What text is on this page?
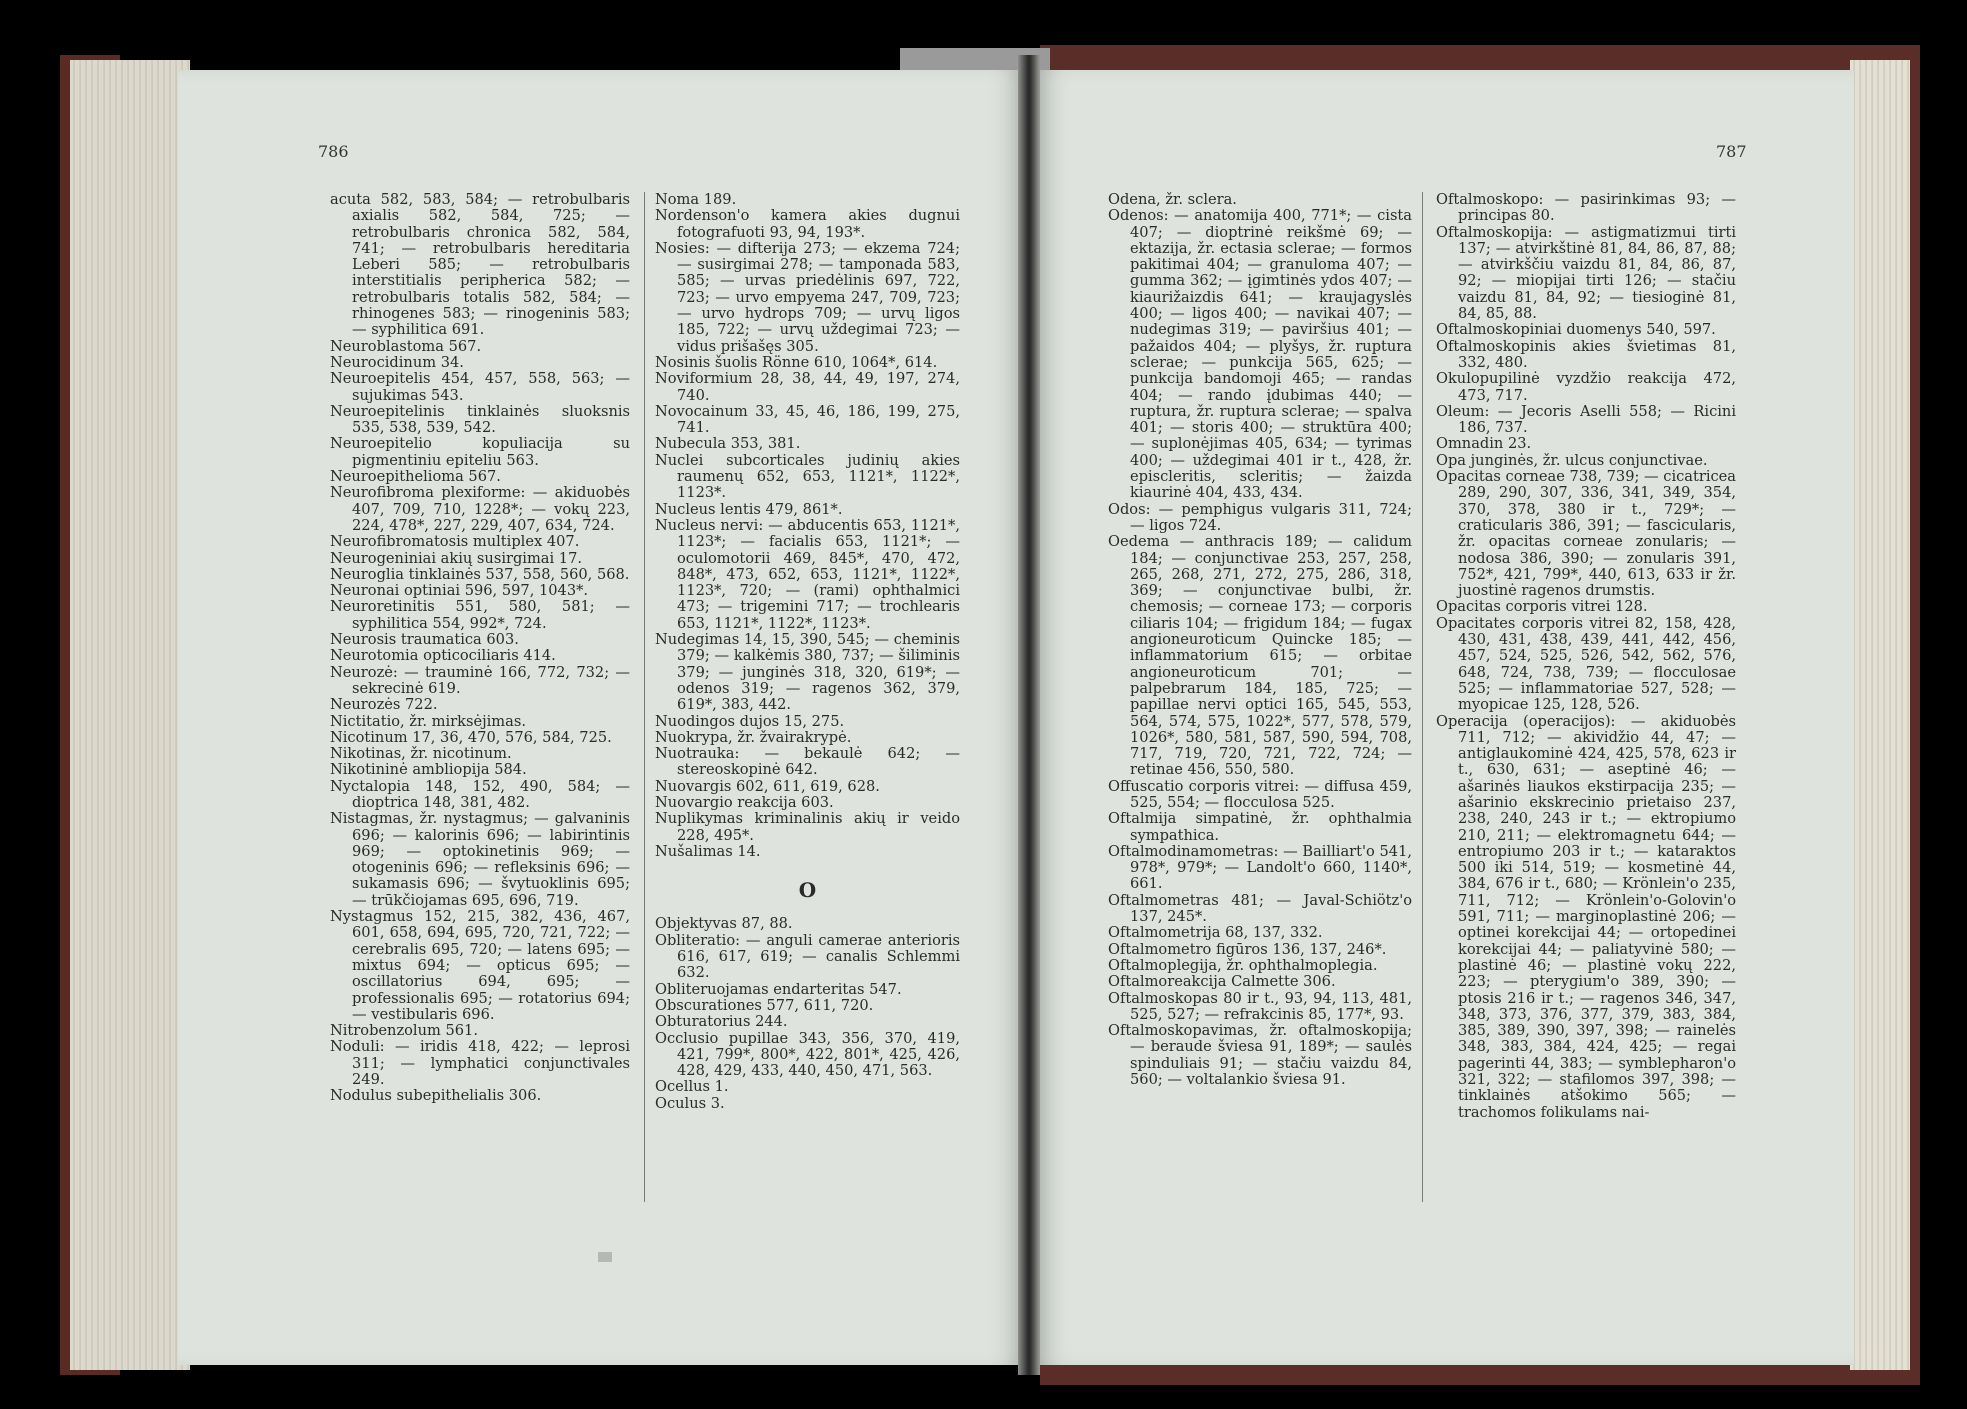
786	787

acuta 582, 583, 584; — retrobulbaris axialis 582, 584, 725; — retrobulbaris chronica 582, 584, 741; — retrobulbaris hereditaria Leberi 585; — retrobulbaris interstitialis peripherica 582; — retrobulbaris totalis 582, 584; — rhinogenes 583; — rinogeninis 583; — syphilitica 691.

Neuroblastoma 567.

Neurocidinum 34.

Neuroepitelis 454, 457, 558, 563; — sujukimas 543.

Neuroepitelinis tinklainės sluoksnis 535, 538, 539, 542.

Neuroepitelio kopuliacija su pigmentiniu epiteliu 563.

Neuroepithelioma 567.

Neurofibroma plexiforme: — akiduobės 407, 709, 710, 1228*; — vokų 223, 224, 478*, 227, 229, 407, 634, 724.

Neurofibromatosis multiplex 407.

Neurogeniniai akių susirgimai 17.

Neuroglia tinklainės 537, 558, 560, 568.

Neuronai optiniai 596, 597, 1043*.

Neuroretinitis 551, 580, 581; — syphilitica 554, 992*, 724.

Neurosis traumatica 603.

Neurotomia opticociliaris 414.

Neurozė: — trauminė 166, 772, 732; — sekrecinė 619.

Neurozės 722.

Nictitatio, žr. mirksėjimas.

Nicotinum 17, 36, 470, 576, 584, 725.

Nikotinas, žr. nicotinum.

Nikotininė ambliopija 584.

Nyctalopia 148, 152, 490, 584; — dioptrica 148, 381, 482.

Nistagmas, žr. nystagmus; — galvaninis 696; — kalorinis 696; — labirintinis 969; — optokinetinis 969; — otogeninis 696; — refleksinis 696; — sukamasis 696; — švytuoklinis 695; — trūkčiojamas 695, 696, 719.

Nystagmus 152, 215, 382, 436, 467, 601, 658, 694, 695, 720, 721, 722; — cerebralis 695, 720; — latens 695; — mixtus 694; — opticus 695; — oscillatorius 694, 695; — professionalis 695; — rotatorius 694; — vestibularis 696.

Nitrobenzolum 561.

Noduli: — iridis 418, 422; — leprosi 311; — lymphatici conjunctivales 249.

Nodulus subepithelialis 306.

Noma 189.

Nordenson'o kamera akies dugnui fotografuoti 93, 94, 193*.

Nosies: — difterija 273; — ekzema 724; — susirgimai 278; — tamponada 583, 585; — urvas priedėlinis 697, 722, 723; — urvo empyema 247, 709, 723; — urvo hydrops 709; — urvų ligos 185, 722; — urvų uždegimai 723; — vidus prišašęs 305.

Nosinis šuolis Rönne 610, 1064*, 614.

Noviformium 28, 38, 44, 49, 197, 274, 740.

Novocainum 33, 45, 46, 186, 199, 275, 741.

Nubecula 353, 381.

Nuclei subcorticales judinių akies raumenų 652, 653, 1121*, 1122*, 1123*.

Nucleus lentis 479, 861*.

Nucleus nervi: — abducentis 653, 1121*, 1123*; — facialis 653, 1121*; — oculomotorii 469, 845*, 470, 472, 848*, 473, 652, 653, 1121*, 1122*, 1123*, 720; — (rami) ophthalmici 473; — trigemini 717; — trochlearis 653, 1121*, 1122*, 1123*.

Nudegimas 14, 15, 390, 545; — cheminis 379; — kalkėmis 380, 737; — šiliminis 379; — junginės 318, 320, 619*; — odenos 319; — ragenos 362, 379, 619*, 383, 442.

Nuodingos dujos 15, 275.

Nuokrypa, žr. žvairakrypė.

Nuotrauka: — bekaulė 642; — stereoskopinė 642.

Nuovargis 602, 611, 619, 628.

Nuovargio reakcija 603.

Nuplikymas kriminalinis akių ir veido 228, 495*.

Nušalimas 14.

O

Objektyvas 87, 88.

Obliteratio: — anguli camerae anterioris 616, 617, 619; — canalis Schlemmi 632.

Obliteruojamas endarteritas 547.

Obscurationes 577, 611, 720.

Obturatorius 244.

Occlusio pupillae 343, 356, 370, 419, 421, 799*, 800*, 422, 801*, 425, 426, 428, 429, 433, 440, 450, 471, 563.

Ocellus 1.

Oculus 3.

Odena, žr. sclera.

Odenos: — anatomija 400, 771*; — cista 407; — dioptrinė reikšmė 69; — ektazija, žr. ectasia sclerae; — formos pakitimai 404; — granuloma 407; — gumma 362; — įgimtinės ydos 407; — kiaurižaizdis 641; — kraujagyslės 400; — ligos 400; — navikai 407; — nudegimas 319; — paviršius 401; — pažaidos 404; — plyšys, žr. ruptura sclerae; — punkcija 565, 625; — punkcija bandomoji 465; — randas 404; — rando įdubimas 440; — ruptura, žr. ruptura sclerae; — spalva 401; — storis 400; — struktūra 400; — suplonėjimas 405, 634; — tyrimas 400; — uždegimai 401 ir t., 428, žr. episcleritis, scleritis; — žaizda kiaurinė 404, 433, 434.

Odos: — pemphigus vulgaris 311, 724; — ligos 724.

Oedema — anthracis 189; — calidum 184; — conjunctivae 253, 257, 258, 265, 268, 271, 272, 275, 286, 318, 369; — conjunctivae bulbi, žr. chemosis; — corneae 173; — corporis ciliaris 104; — frigidum 184; — fugax angioneuroticum Quincke 185; — inflammatorium 615; — orbitae angioneuroticum 701; — palpebrarum 184, 185, 725; — papillae nervi optici 165, 545, 553, 564, 574, 575, 1022*, 577, 578, 579, 1026*, 580, 581, 587, 590, 594, 708, 717, 719, 720, 721, 722, 724; — retinae 456, 550, 580.

Offuscatio corporis vitrei: — diffusa 459, 525, 554; — flocculosa 525.

Oftalmija simpatinė, žr. ophthalmia sympathica.

Oftalmodinamometras: — Bailliart'o 541, 978*, 979*; — Landolt'o 660, 1140*, 661.

Oftalmometras 481; — Javal-Schiötz'o 137, 245*.

Oftalmometrija 68, 137, 332.

Oftalmometro figūros 136, 137, 246*.

Oftalmoplegija, žr. ophthalmoplegia.

Oftalmoreakcija Calmette 306.

Oftalmoskopas 80 ir t., 93, 94, 113, 481, 525, 527; — refrakcinis 85, 177*, 93.

Oftalmoskopavimas, žr. oftalmoskopija; — beraude šviesa 91, 189*; — saulės spinduliais 91; — stačiu vaizdu 84, 560; — voltalankio šviesa 91.

Oftalmoskopo: — pasirinkimas 93; — principas 80.

Oftalmoskopija: — astigmatizmui tirti 137; — atvirkštinė 81, 84, 86, 87, 88; — atvirkščiu vaizdu 81, 84, 86, 87, 92; — miopijai tirti 126; — stačiu vaizdu 81, 84, 92; — tiesioginė 81, 84, 85, 88.

Oftalmoskopiniai duomenys 540, 597.

Oftalmoskopinis akies švietimas 81, 332, 480.

Okulopupilinė vyzdžio reakcija 472, 473, 717.

Oleum: — Jecoris Aselli 558; — Ricini 186, 737.

Omnadin 23.

Opa junginės, žr. ulcus conjunctivae.

Opacitas corneae 738, 739; — cicatricea 289, 290, 307, 336, 341, 349, 354, 370, 378, 380 ir t., 729*; — craticularis 386, 391; — fascicularis, žr. opacitas corneae zonularis; — nodosa 386, 390; — zonularis 391, 752*, 421, 799*, 440, 613, 633 ir žr. juostinė ragenos drumstis.

Opacitas corporis vitrei 128.

Opacitates corporis vitrei 82, 158, 428, 430, 431, 438, 439, 441, 442, 456, 457, 524, 525, 526, 542, 562, 576, 648, 724, 738, 739; — flocculosae 525; — inflammatoriae 527, 528; — myopicae 125, 128, 526.

Operacija (operacijos): — akiduobės 711, 712; — akividžio 44, 47; — antiglaukominė 424, 425, 578, 623 ir t., 630, 631; — aseptinė 46; — ašarinės liaukos ekstirpacija 235; — ašarinio ekskrecinio prietaiso 237, 238, 240, 243 ir t.; — ektropiumo 210, 211; — elektromagnetu 644; — entropiumo 203 ir t.; — kataraktos 500 iki 514, 519; — kosmetinė 44, 384, 676 ir t., 680; — Krönlein'o 235, 711, 712; — Krönlein'o-Golovin'o 591, 711; — marginoplastinė 206; — optinei korekcijai 44; — ortopedinei korekcijai 44; — paliatyvinė 580; — plastinė 46; — plastinė vokų 222, 223; — pterygium'o 389, 390; — ptosis 216 ir t.; — ragenos 346, 347, 348, 373, 376, 377, 379, 383, 384, 385, 389, 390, 397, 398; — rainelės 348, 383, 384, 424, 425; — regai pagerinti 44, 383; — symblepharon'o 321, 322; — stafilomos 397, 398; — tinklainės atšokimo 565; — trachomos folikulams nai-
